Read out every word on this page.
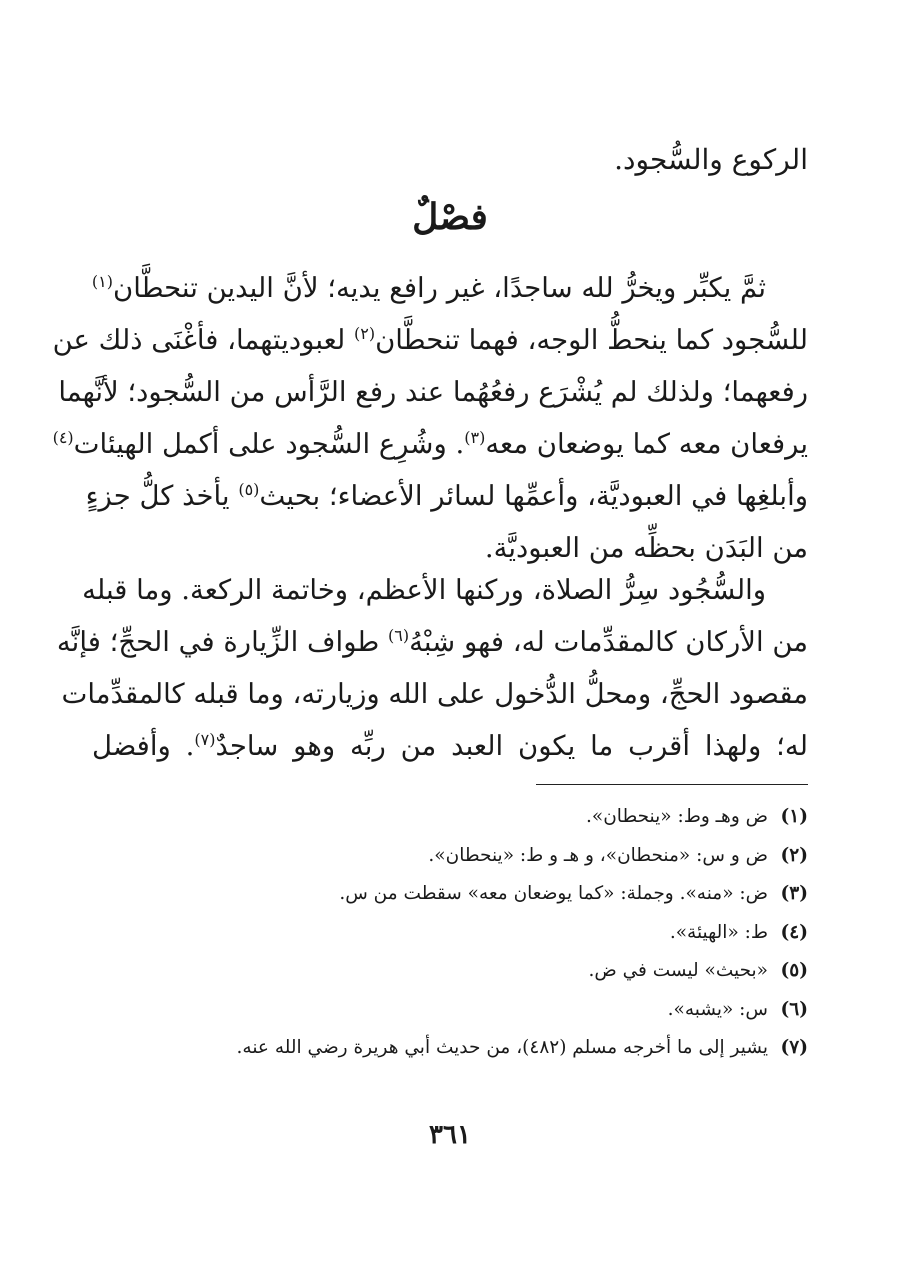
الركوع والسُّجود.

فصْلٌ
ثمَّ يكبِّر ويخرُّ لله ساجدًا، غير رافع يديه؛ لأنَّ اليدين تنحطَّان$^{(١)}$
للسُّجود كما ينحطُّ الوجه، فهما تنحطَّان$^{(٢)}$ لعبوديتهما، فأغْنَى ذلك عن
رفعهما؛ ولذلك لم يُشْرَع رفعُهُما عند رفع الرَّأس من السُّجود؛ لأنَّهما
يرفعان معه كما يوضعان معه$^{(٣)}$. وشُرِع السُّجود على أكمل الهيئات$^{(٤)}$
وأبلغِها في العبوديَّة، وأعمِّها لسائر الأعضاء؛ بحيث$^{(٥)}$ يأخذ كلُّ جزءٍ
من البَدَن بحظِّه من العبوديَّة.
والسُّجُود سِرُّ الصلاة، وركنها الأعظم، وخاتمة الركعة. وما قبله
من الأركان كالمقدِّمات له، فهو شِبْهُ$^{(٦)}$ طواف الزِّيارة في الحجِّ؛ فإنَّه
مقصود الحجِّ، ومحلُّ الدُّخول على الله وزيارته، وما قبله كالمقدِّمات
له؛ ولهذا أقرب ما يكون العبد من ربِّه وهو ساجدٌ$^{(٧)}$. وأفضل
(١)ض وهـ وط: «ينحطان».
(٢)ض و س: «منحطان»، و هـ و ط: «ينحطان».
(٣)ض: «منه». وجملة: «كما يوضعان معه» سقطت من س.
(٤)ط: «الهيئة».
(٥)«بحيث» ليست في ض.
(٦)س: «يشبه».
(٧)يشير إلى ما أخرجه مسلم (٤٨٢)، من حديث أبي هريرة رضي الله عنه.
٣٦١
